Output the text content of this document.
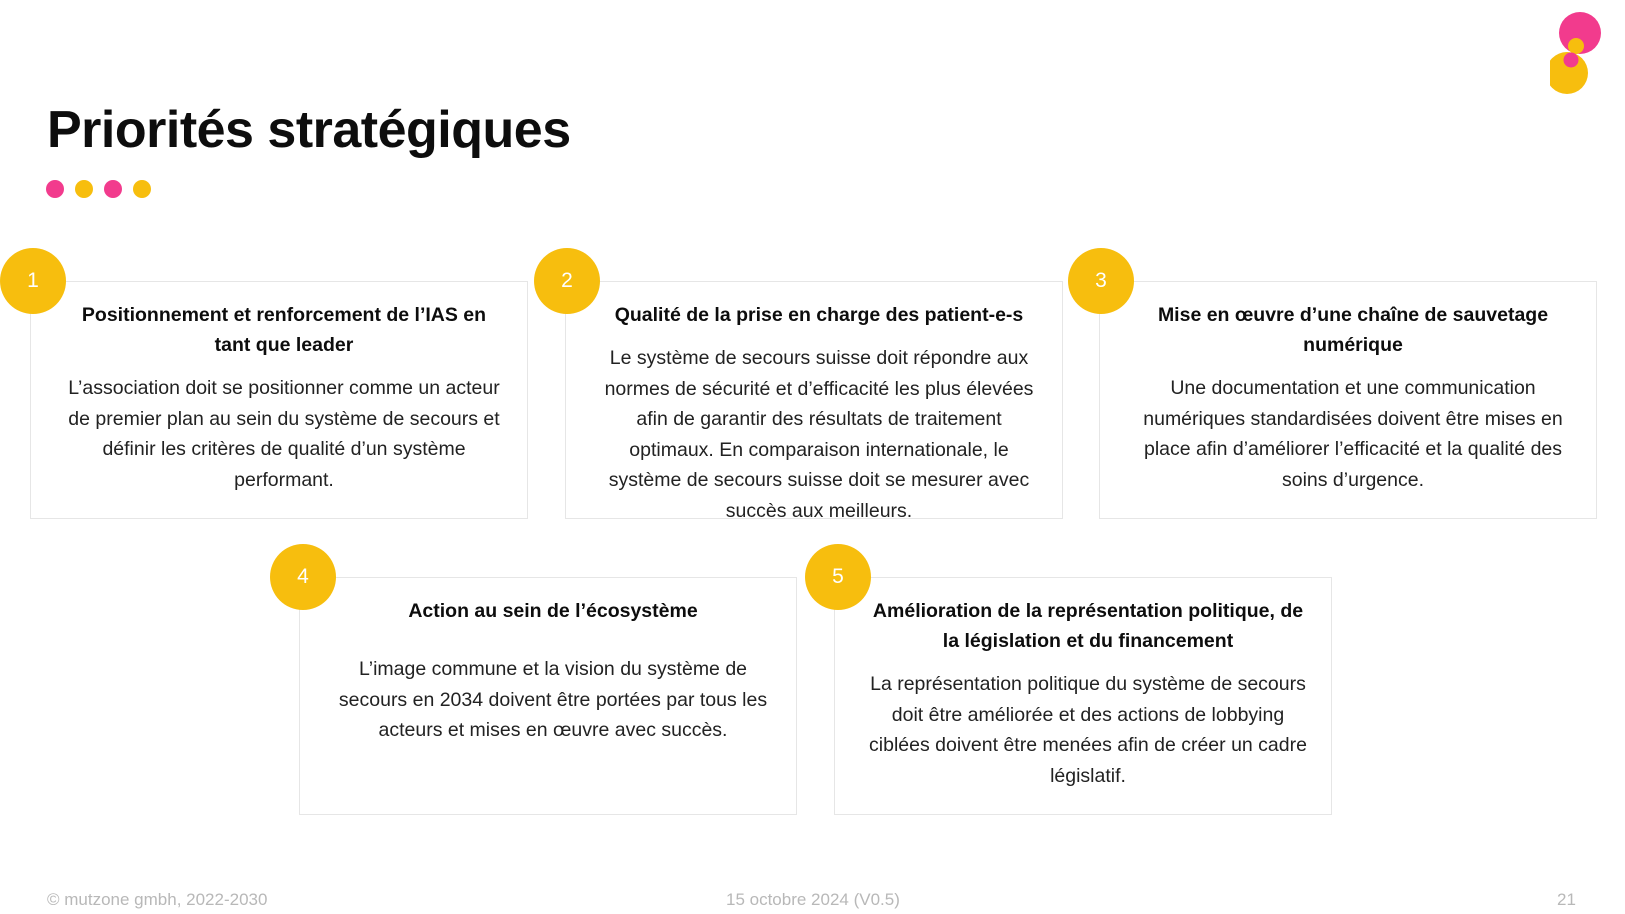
Priorités stratégiques

Positionnement et renforcement de l’IAS en tant que leader

L’association doit se positionner comme un acteur de premier plan au sein du système de secours et définir les critères de qualité d’un système performant.

1

Qualité de la prise en charge des patient-e-s

Le système de secours suisse doit répondre aux normes de sécurité et d’efficacité les plus élevées afin de garantir des résultats de traitement optimaux. En comparaison internationale, le système de secours suisse doit se mesurer avec succès aux meilleurs.

2

Mise en œuvre d’une chaîne de sauvetage numérique

Une documentation et une communication numériques standardisées doivent être mises en place afin d’améliorer l’efficacité et la qualité des soins d’urgence.

3

Action au sein de l’écosystème

L’image commune et la vision du système de secours en 2034 doivent être portées par tous les acteurs et mises en œuvre avec succès.

4

Amélioration de la représentation politique, de la législation et du financement

La représentation politique du système de secours doit être améliorée et des actions de lobbying ciblées doivent être menées afin de créer un cadre législatif.

5
© mutzone gmbh, 2022-2030	15 octobre 2024 (V0.5)	21
